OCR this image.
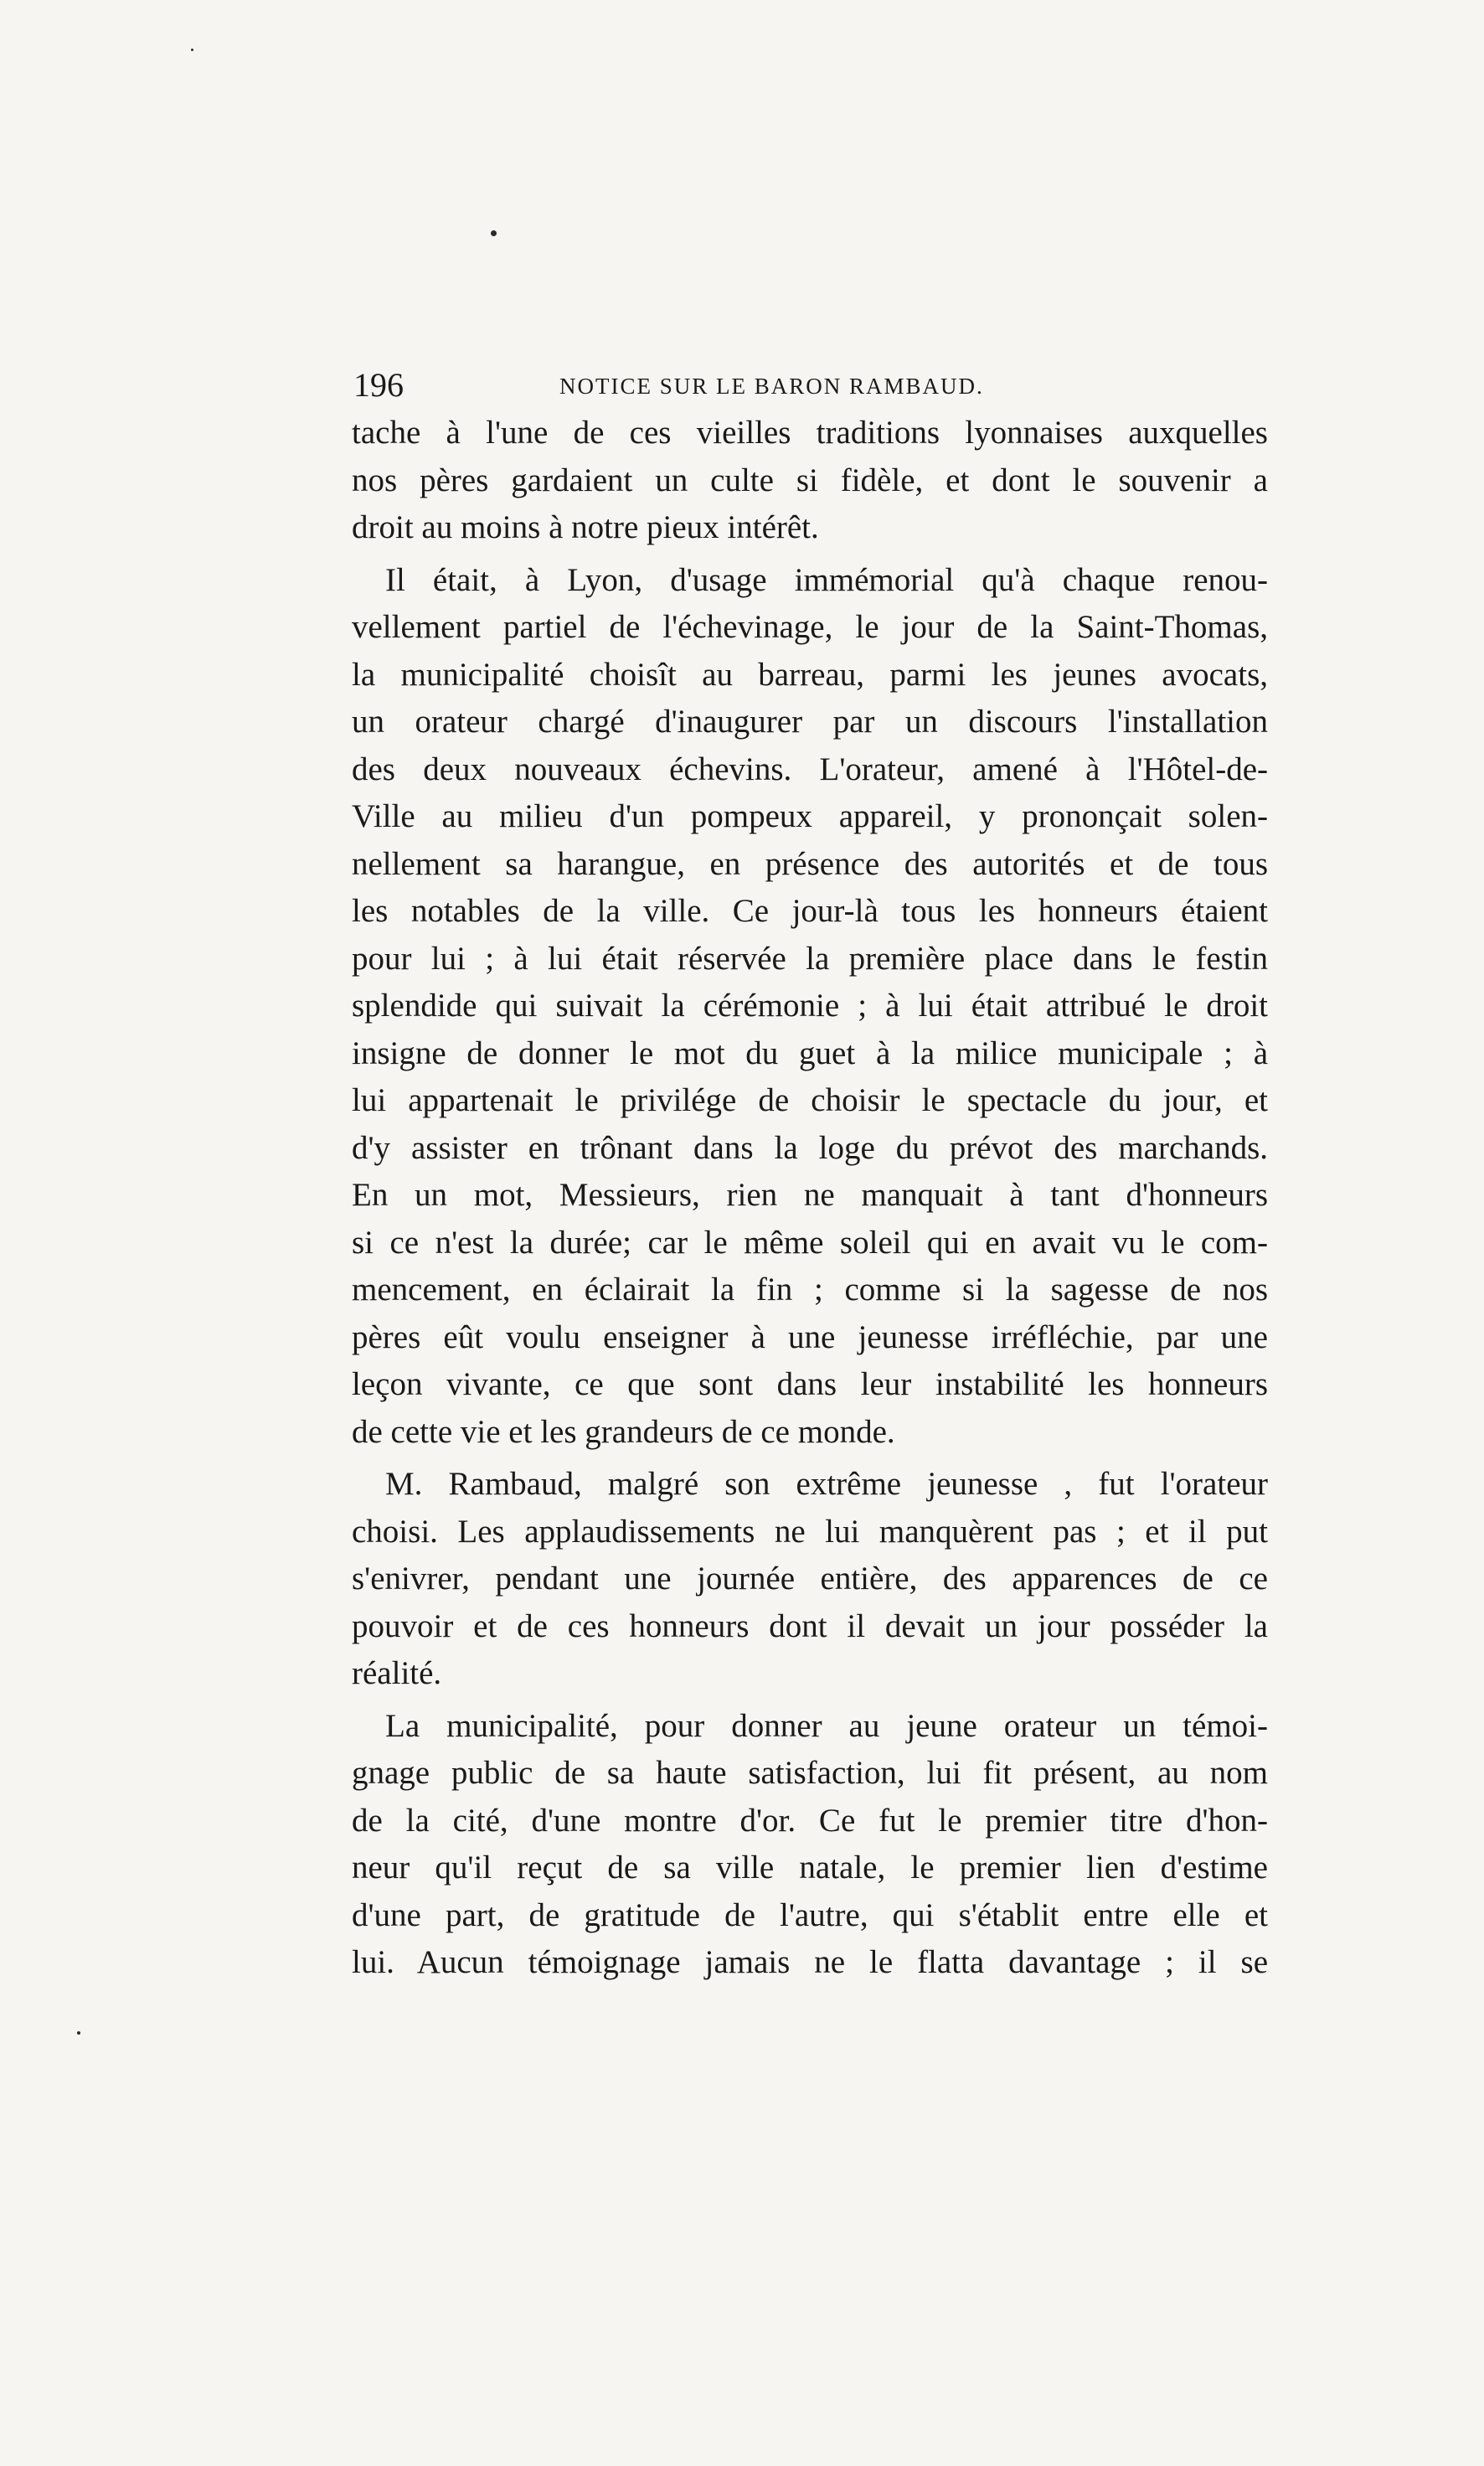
196	NOTICE SUR LE BARON RAMBAUD.
tache à l'une de ces vieilles traditions lyonnaises auxquelles
nos pères gardaient un culte si fidèle, et dont le souvenir a
droit au moins à notre pieux intérêt.
Il était, à Lyon, d'usage immémorial qu'à chaque renou-
vellement partiel de l'échevinage, le jour de la Saint-Thomas,
la municipalité choisît au barreau, parmi les jeunes avocats,
un orateur chargé d'inaugurer par un discours l'installation
des deux nouveaux échevins. L'orateur, amené à l'Hôtel-de-
Ville au milieu d'un pompeux appareil, y prononçait solen-
nellement sa harangue, en présence des autorités et de tous
les notables de la ville. Ce jour-là tous les honneurs étaient
pour lui ; à lui était réservée la première place dans le festin
splendide qui suivait la cérémonie ; à lui était attribué le droit
insigne de donner le mot du guet à la milice municipale ; à
lui appartenait le privilége de choisir le spectacle du jour, et
d'y assister en trônant dans la loge du prévot des marchands.
En un mot, Messieurs, rien ne manquait à tant d'honneurs
si ce n'est la durée; car le même soleil qui en avait vu le com-
mencement, en éclairait la fin ; comme si la sagesse de nos
pères eût voulu enseigner à une jeunesse irréfléchie, par une
leçon vivante, ce que sont dans leur instabilité les honneurs
de cette vie et les grandeurs de ce monde.
M. Rambaud, malgré son extrême jeunesse , fut l'orateur
choisi. Les applaudissements ne lui manquèrent pas ; et il put
s'enivrer, pendant une journée entière, des apparences de ce
pouvoir et de ces honneurs dont il devait un jour posséder la
réalité.
La municipalité, pour donner au jeune orateur un témoi-
gnage public de sa haute satisfaction, lui fit présent, au nom
de la cité, d'une montre d'or. Ce fut le premier titre d'hon-
neur qu'il reçut de sa ville natale, le premier lien d'estime
d'une part, de gratitude de l'autre, qui s'établit entre elle et
lui. Aucun témoignage jamais ne le flatta davantage ; il se
